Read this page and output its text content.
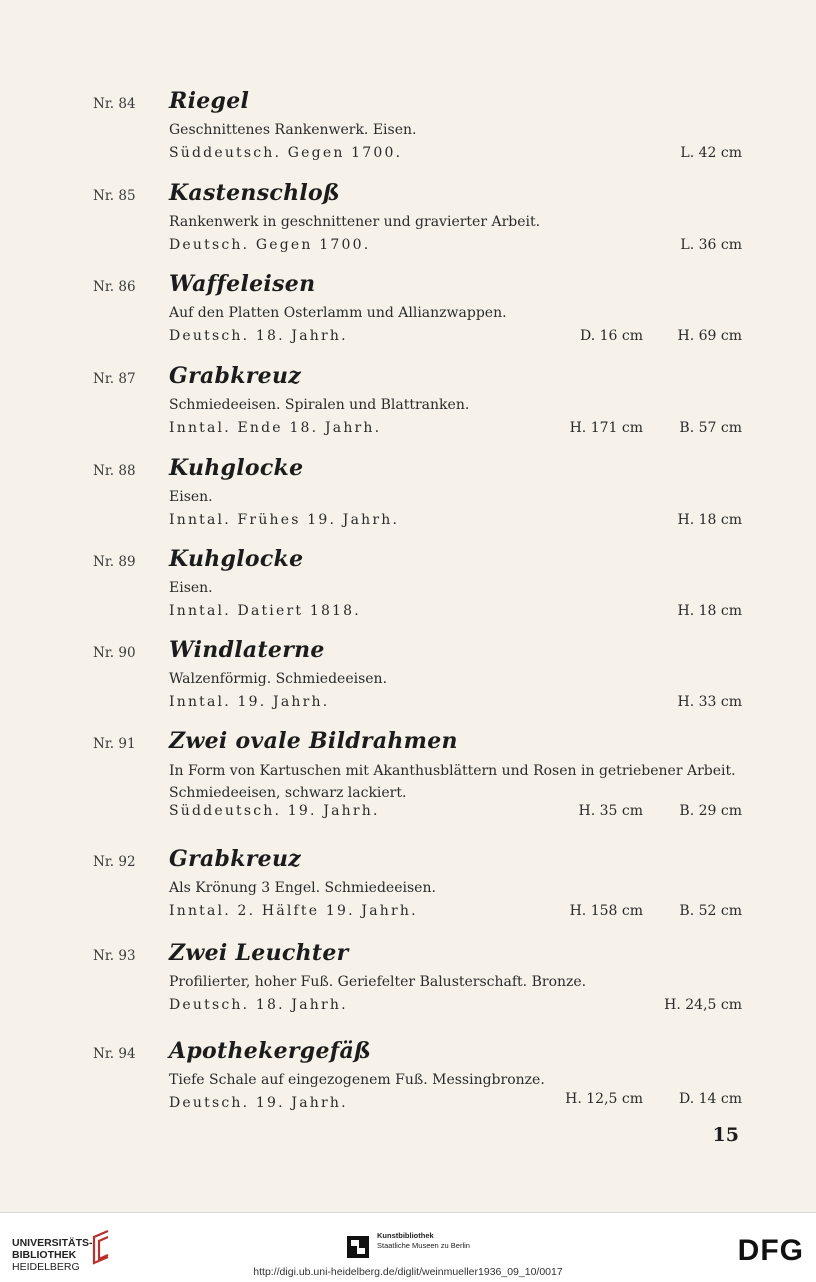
Nr. 84 Riegel
Geschnittenes Rankenwerk. Eisen.
Süddeutsch. Gegen 1700.	L. 42 cm
Nr. 85 Kastenschloß
Rankenwerk in geschnittener und gravierter Arbeit.
Deutsch. Gegen 1700.	L. 36 cm
Nr. 86 Waffeleisen
Auf den Platten Osterlamm und Allianzwappen.
Deutsch. 18. Jahrh.	D. 16 cm H. 69 cm
Nr. 87 Grabkreuz
Schmiedeeisen. Spiralen und Blattranken.
Inntal. Ende 18. Jahrh.	H. 171 cm	B. 57 cm
Nr. 88 Kuhglocke
Eisen.
Inntal. Frühes 19. Jahrh.	H. 18 cm
Nr. 89 Kuhglocke
Eisen.
Inntal. Datiert 1818.	H. 18 cm
Nr. 90 Windlaterne
Walzenförmig. Schmiedeeisen.
Inntal. 19. Jahrh.	H. 33 cm
Nr. 91 Zwei ovale Bildrahmen
In Form von Kartuschen mit Akanthusblättern und Rosen in getriebener Arbeit.
Schmiedeeisen, schwarz lackiert.
Süddeutsch. 19. Jahrh.	H. 35 cm	B. 29 cm
Nr. 92 Grabkreuz
Als Krönung 3 Engel. Schmiedeeisen.
Inntal. 2. Hälfte 19. Jahrh.	H. 158 cm	B. 52 cm
Nr. 93 Zwei Leuchter
Profilierter, hoher Fuß. Geriefelter Balusterschaft. Bronze.
Deutsch. 18. Jahrh.	H. 24,5 cm
Nr. 94 Apothekergefäß
Tiefe Schale auf eingezogenem Fuß. Messingbronze.
Deutsch. 19. Jahrh.	H. 12,5 cm	D. 14 cm
15
UNIVERSITÄTS-
BIBLIOTHEK
HEIDELBERG
Kunstbibliothek
Staatliche Museen zu Berlin	DFG
http://digi.ub.uni-heidelberg.de/diglit/weinmueller1936_09_10/0017
